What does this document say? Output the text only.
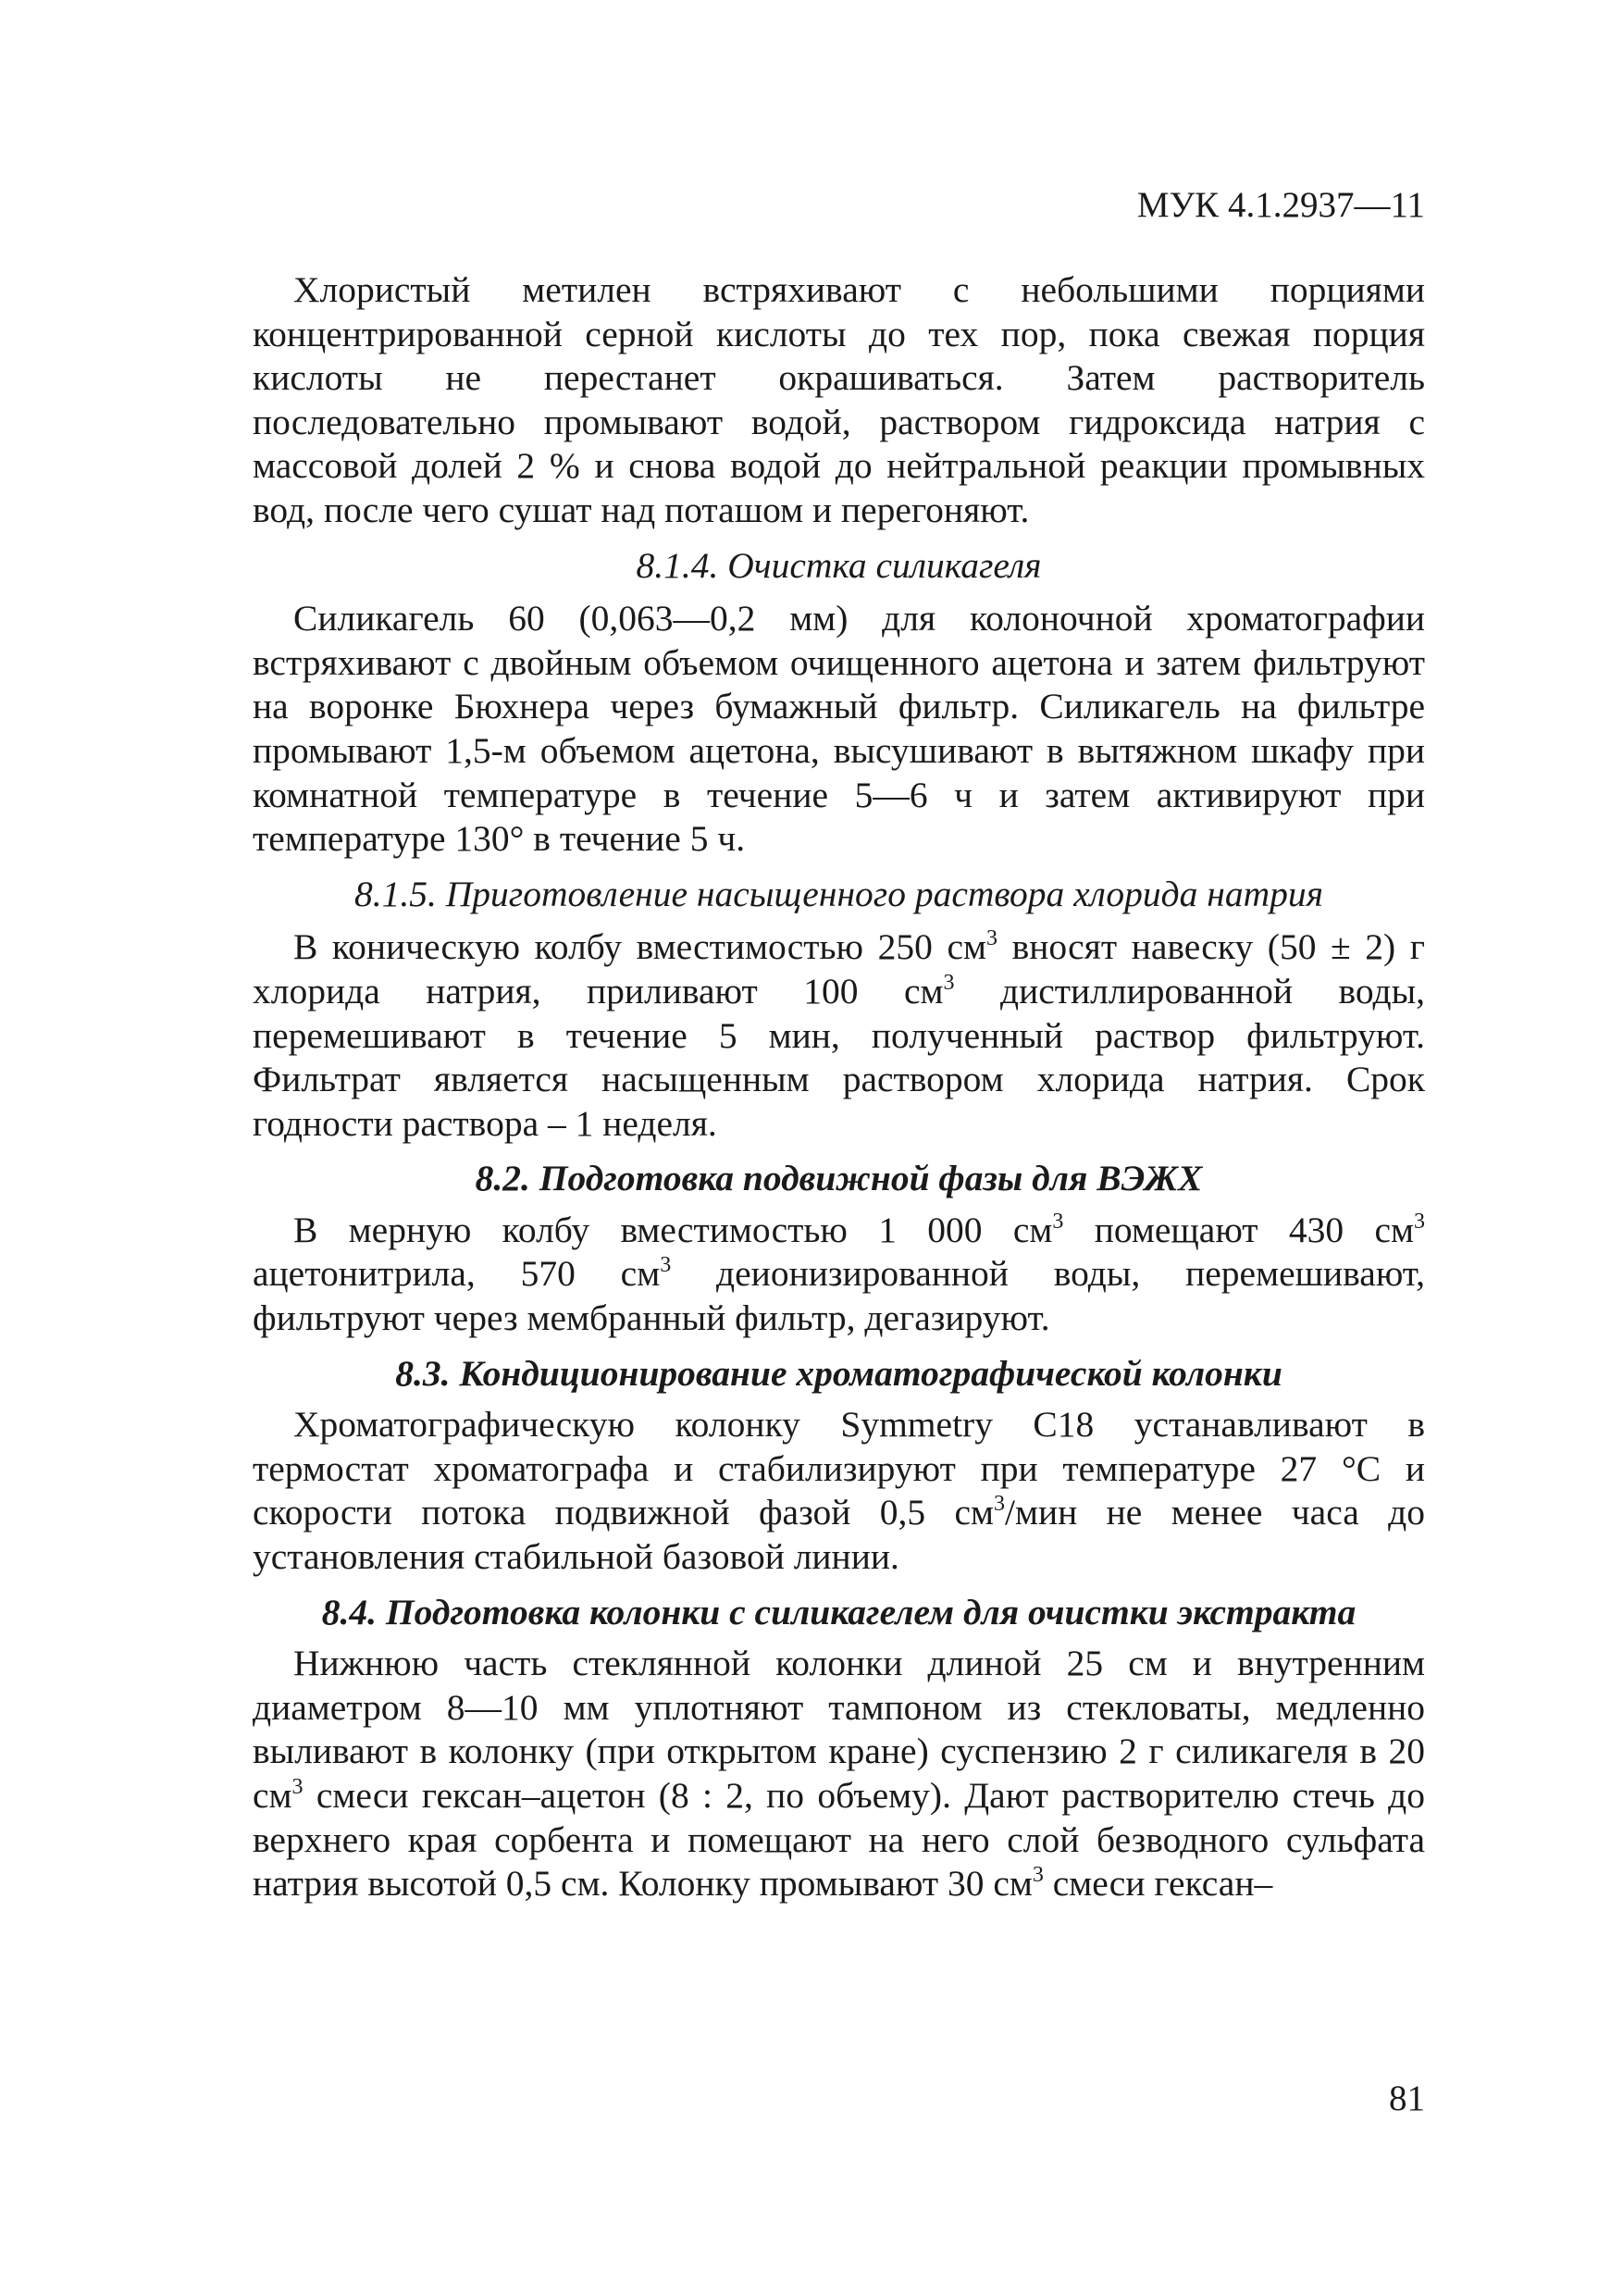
МУК 4.1.2937—11

Хлористый метилен встряхивают с небольшими порциями концентрированной серной кислоты до тех пор, пока свежая порция кислоты не перестанет окрашиваться. Затем растворитель последовательно промывают водой, раствором гидроксида натрия с массовой долей 2 % и снова водой до нейтральной реакции промывных вод, после чего сушат над поташом и перегоняют.

8.1.4. Очистка силикагеля

Силикагель 60 (0,063—0,2 мм) для колоночной хроматографии встряхивают с двойным объемом очищенного ацетона и затем фильтруют на воронке Бюхнера через бумажный фильтр. Силикагель на фильтре промывают 1,5-м объемом ацетона, высушивают в вытяжном шкафу при комнатной температуре в течение 5—6 ч и затем активируют при температуре 130° в течение 5 ч.

8.1.5. Приготовление насыщенного раствора хлорида натрия

В коническую колбу вместимостью 250 $см^3$ вносят навеску (50 ± 2) г хлорида натрия, приливают 100 $см^3$ дистиллированной воды, перемешивают в течение 5 мин, полученный раствор фильтруют. Фильтрат является насыщенным раствором хлорида натрия. Срок годности раствора – 1 неделя.

8.2. Подготовка подвижной фазы для ВЭЖХ

В мерную колбу вместимостью 1 000 $см^3$ помещают 430 $см^3$ ацетонитрила, 570 $см^3$ деионизированной воды, перемешивают, фильтруют через мембранный фильтр, дегазируют.

8.3. Кондиционирование хроматографической колонки

Хроматографическую колонку Symmetry C18 устанавливают в термостат хроматографа и стабилизируют при температуре 27 °С и скорости потока подвижной фазой 0,5 $см^3$/мин не менее часа до установления стабильной базовой линии.

8.4. Подготовка колонки с силикагелем для очистки экстракта

Нижнюю часть стеклянной колонки длиной 25 см и внутренним диаметром 8—10 мм уплотняют тампоном из стекловаты, медленно выливают в колонку (при открытом кране) суспензию 2 г силикагеля в 20 $см^3$ смеси гексан–ацетон (8 : 2, по объему). Дают растворителю стечь до верхнего края сорбента и помещают на него слой безводного сульфата натрия высотой 0,5 см. Колонку промывают 30 $см^3$ смеси гексан–

81
